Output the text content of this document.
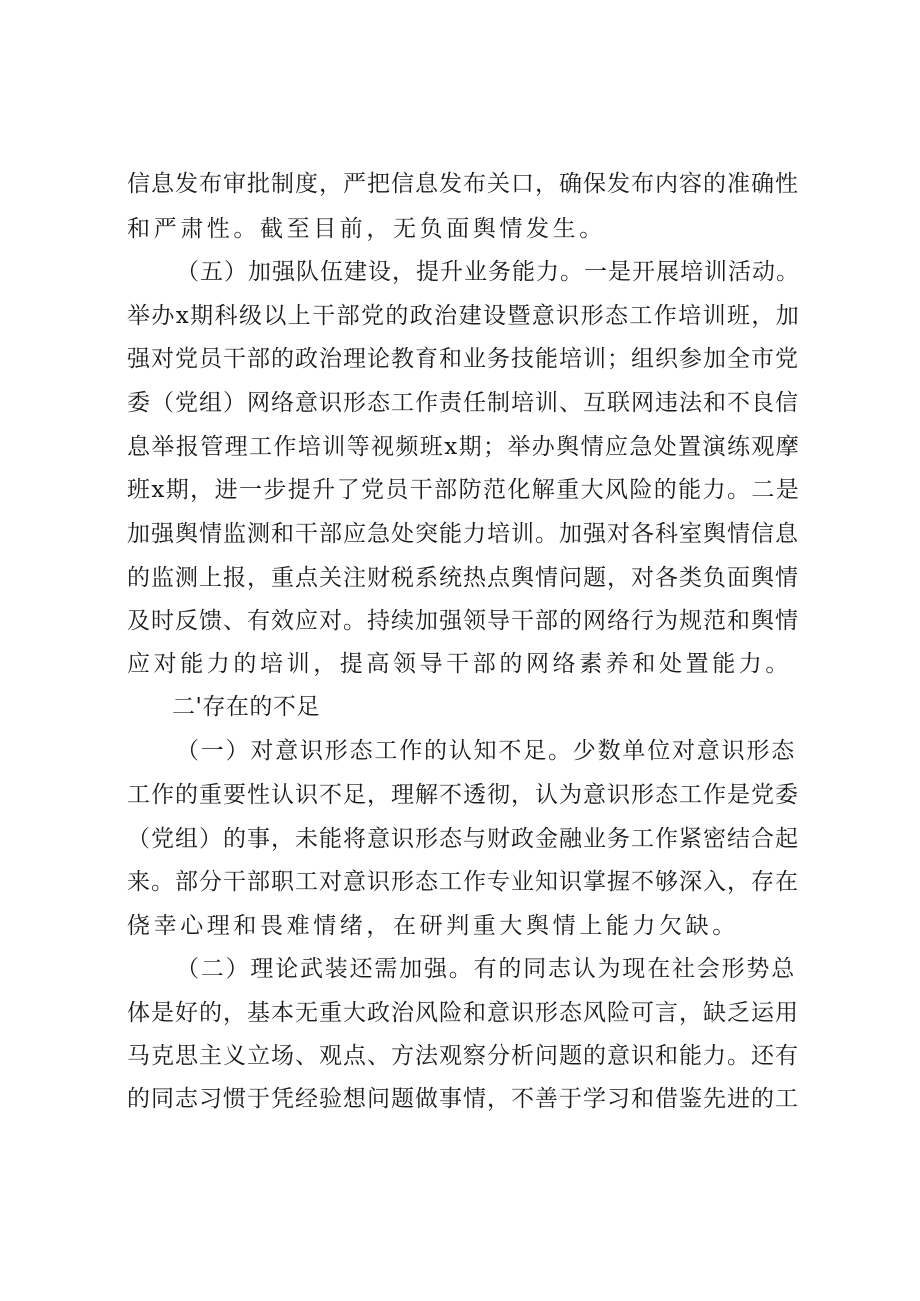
信息发布审批制度，严把信息发布关口，确保发布内容的准确性
和严肃性。截至目前，无负面舆情发生。
（五）加强队伍建设，提升业务能力。一是开展培训活动。
举办x期科级以上干部党的政治建设暨意识形态工作培训班，加
强对党员干部的政治理论教育和业务技能培训；组织参加全市党
委（党组）网络意识形态工作责任制培训、互联网违法和不良信
息举报管理工作培训等视频班x期；举办舆情应急处置演练观摩
班x期，进一步提升了党员干部防范化解重大风险的能力。二是
加强舆情监测和干部应急处突能力培训。加强对各科室舆情信息
的监测上报，重点关注财税系统热点舆情问题，对各类负面舆情
及时反馈、有效应对。持续加强领导干部的网络行为规范和舆情
应对能力的培训，提高领导干部的网络素养和处置能力。
二'存在的不足
（一）对意识形态工作的认知不足。少数单位对意识形态
工作的重要性认识不足，理解不透彻，认为意识形态工作是党委
（党组）的事，未能将意识形态与财政金融业务工作紧密结合起
来。部分干部职工对意识形态工作专业知识掌握不够深入，存在
侥幸心理和畏难情绪，在研判重大舆情上能力欠缺。
（二）理论武装还需加强。有的同志认为现在社会形势总
体是好的，基本无重大政治风险和意识形态风险可言，缺乏运用
马克思主义立场、观点、方法观察分析问题的意识和能力。还有
的同志习惯于凭经验想问题做事情，不善于学习和借鉴先进的工
